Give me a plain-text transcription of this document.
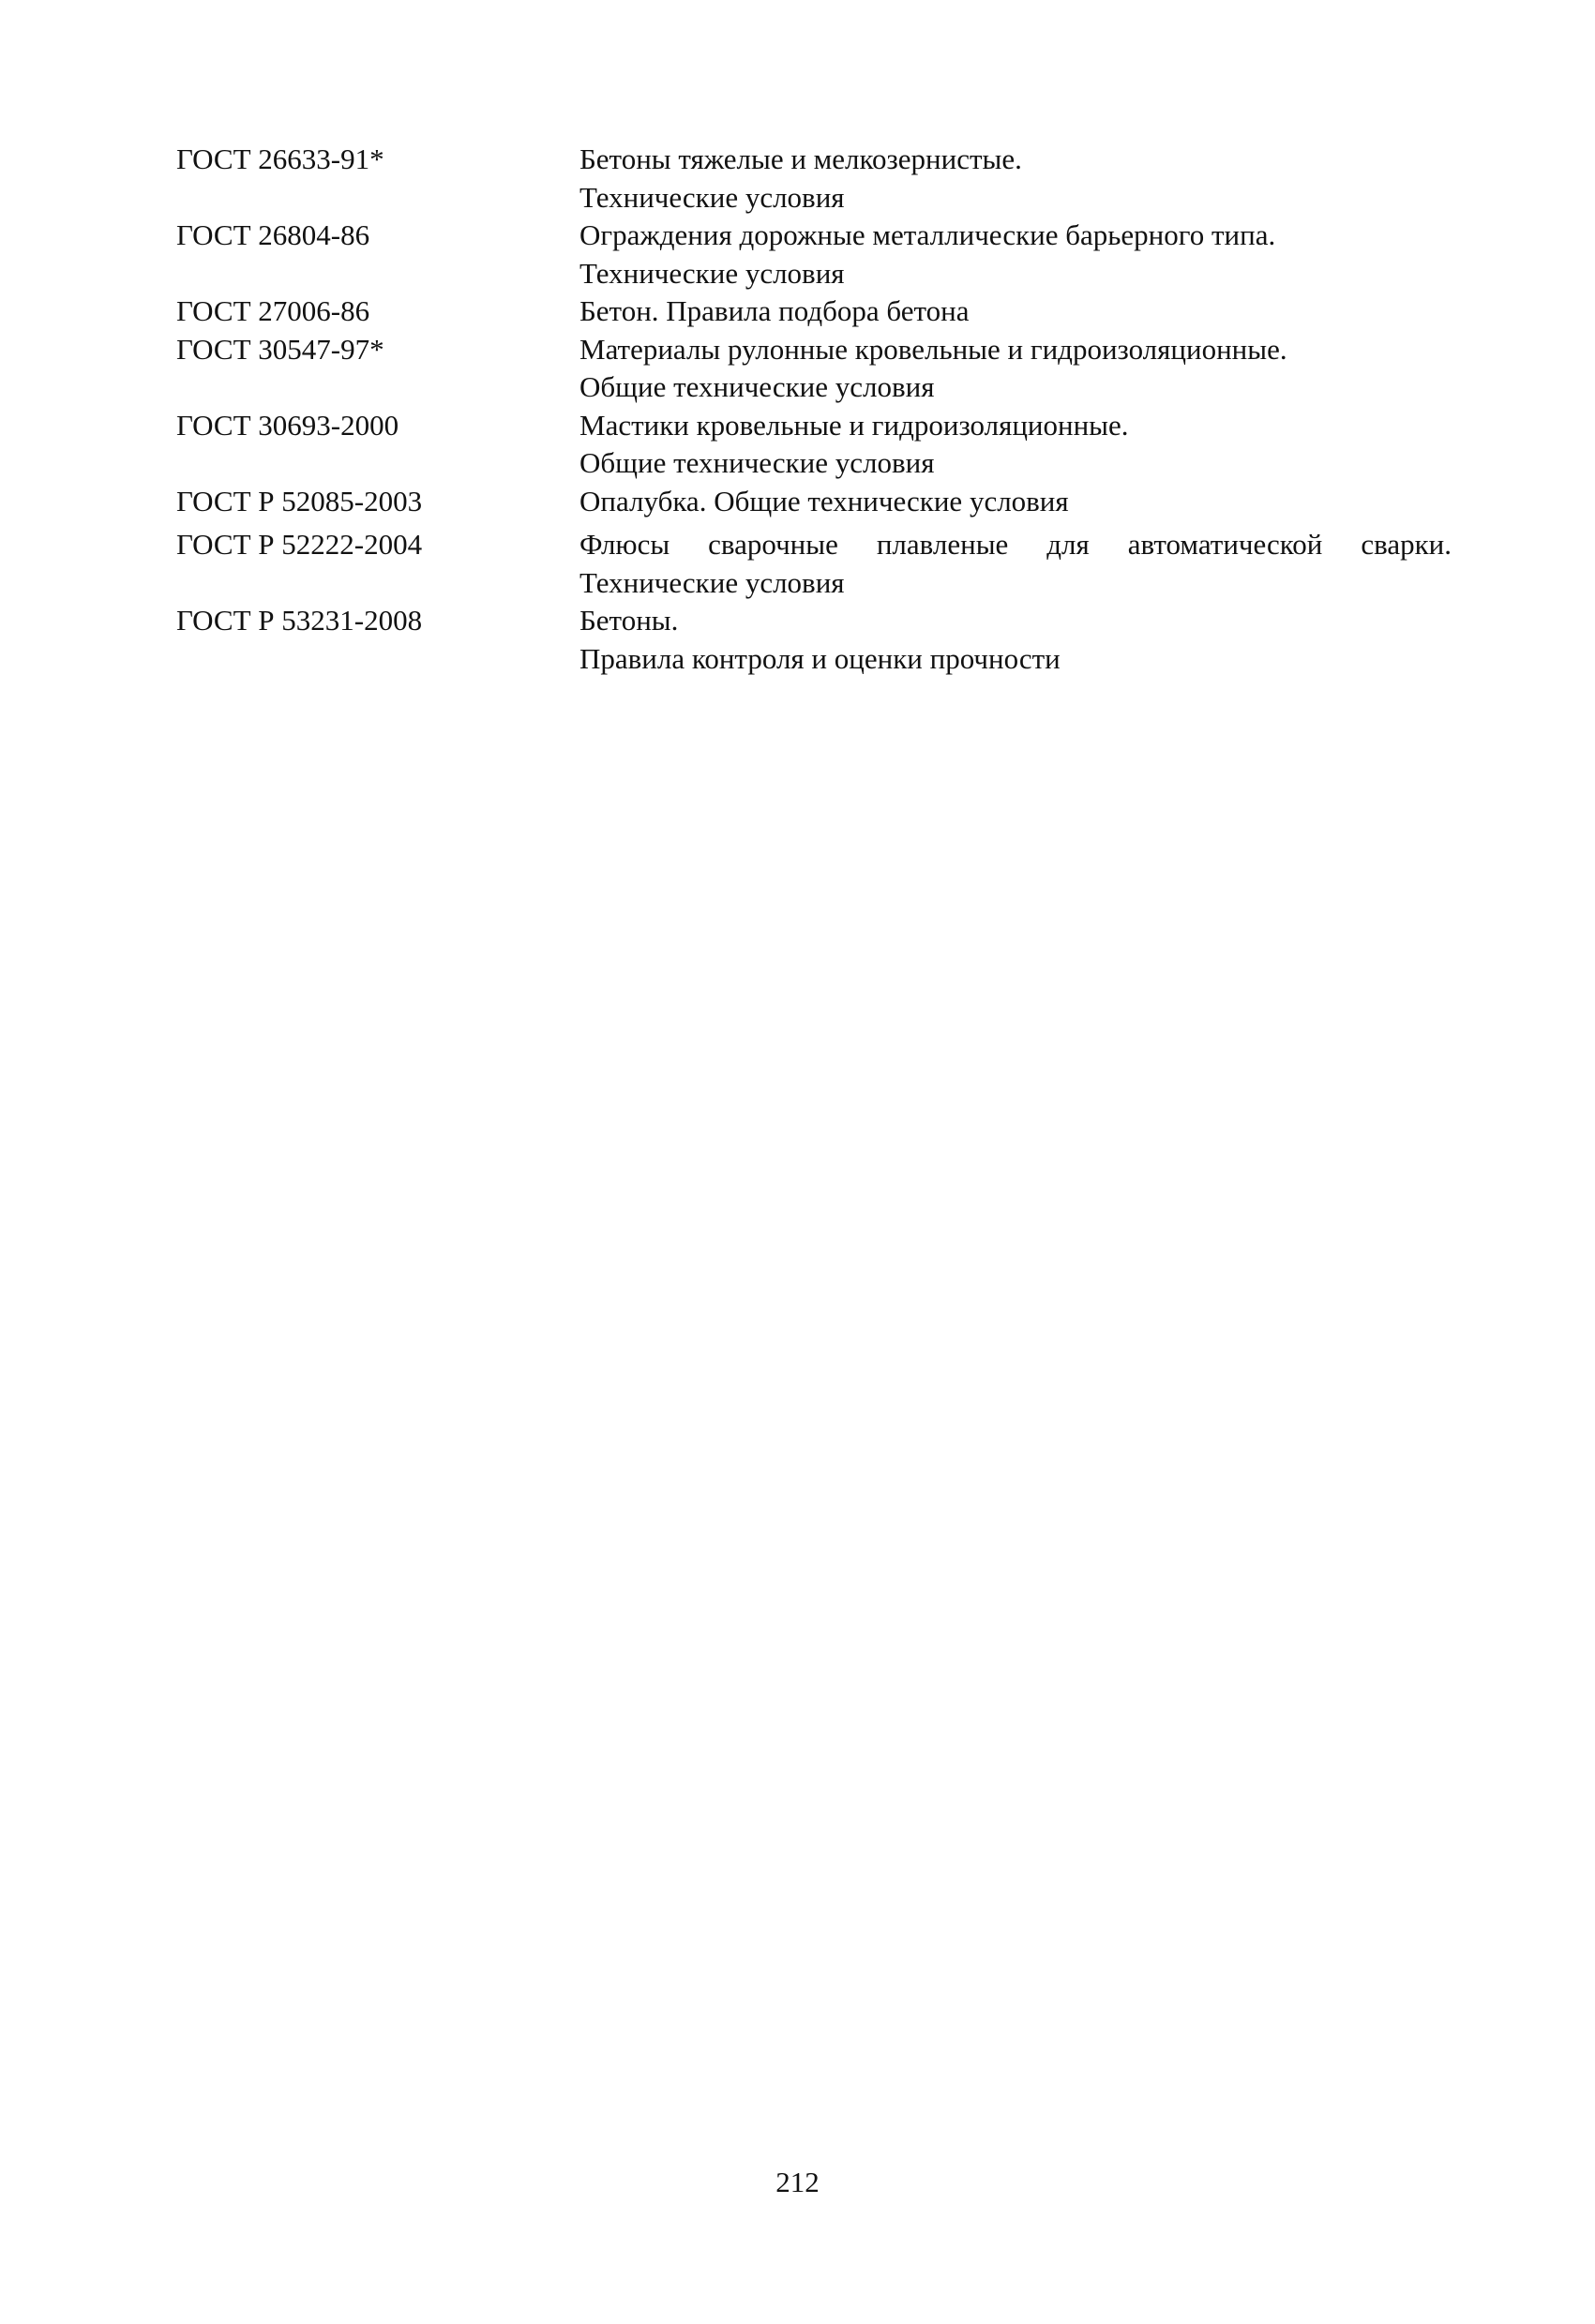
ГОСТ 26633-91*	Бетоны тяжелые и мелкозернистые.
Технические условия
ГОСТ 26804-86	Ограждения дорожные металлические барьерного типа.
Технические условия
ГОСТ 27006-86	Бетон. Правила подбора бетона
ГОСТ 30547-97*	Материалы рулонные кровельные и гидроизоляционные.
Общие технические условия
ГОСТ 30693-2000	Мастики кровельные и гидроизоляционные.
Общие технические условия
ГОСТ Р 52085-2003	Опалубка. Общие технические условия
ГОСТ Р 52222-2004	Флюсы сварочные плавленые для автоматической сварки.
Технические условия
ГОСТ Р 53231-2008	Бетоны.
Правила контроля и оценки прочности
212
